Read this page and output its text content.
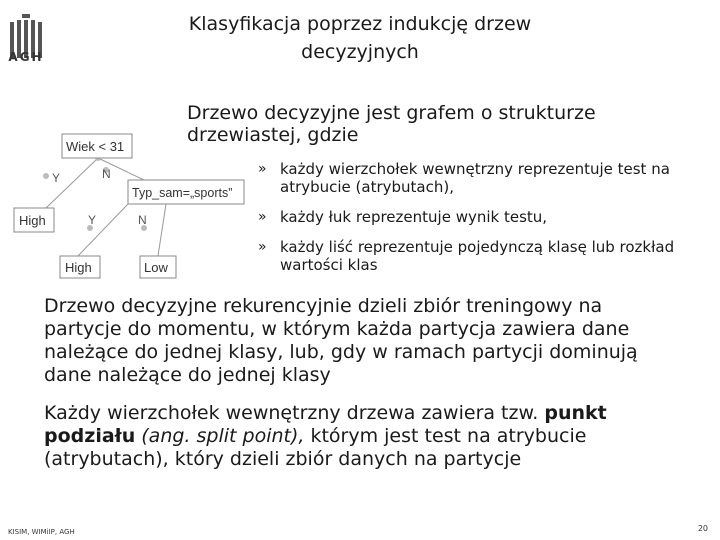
AGH
Klasyfikacja poprzez indukcję drzew decyzyjnych
Wiek < 31
Typ_sam=„sports”
High
High	Low
Y	N
Y	N
Drzewo decyzyjne jest grafem o strukturze drzewiastej, gdzie
» każdy wierzchołek wewnętrzny reprezentuje test na atrybucie (atrybutach),
» każdy łuk reprezentuje wynik testu,
» każdy liść reprezentuje pojedynczą klasę lub rozkład wartości klas
Drzewo decyzyjne rekurencyjnie dzieli zbiór treningowy na partycje do momentu, w którym każda partycja zawiera dane należące do jednej klasy, lub, gdy w ramach partycji dominują dane należące do jednej klasy
Każdy wierzchołek wewnętrzny drzewa zawiera tzw. punkt podziału (ang. split point), którym jest test na atrybucie (atrybutach), który dzieli zbiór danych na partycje
KISIM, WIMiIP, AGH	20
